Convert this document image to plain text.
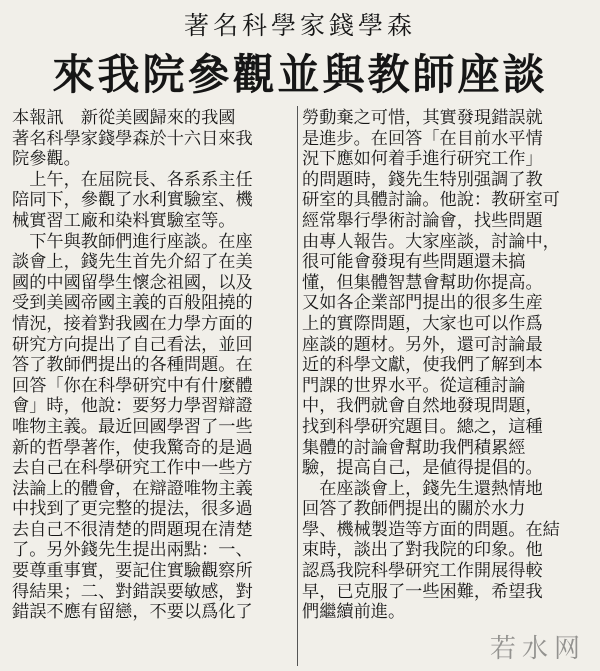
著名科學家錢學森
來我院參觀並與教師座談
本報訊　新從美國歸來的我國
著名科學家錢學森於十六日來我
院參觀。
　上午，在屈院長、各系系主任
陪同下，參觀了水利實驗室、機
械實習工廠和染料實驗室等。
　下午與教師們進行座談。在座
談會上，錢先生首先介紹了在美
國的中國留學生懷念祖國，以及
受到美國帝國主義的百般阻撓的
情況，接着對我國在力學方面的
研究方向提出了自己看法，並回
答了教師們提出的各種問題。在
回答「你在科學研究中有什麼體
會」時，他說：要努力學習辯證
唯物主義。最近回國學習了一些
新的哲學著作，使我驚奇的是過
去自己在科學研究工作中一些方
法論上的體會，在辯證唯物主義
中找到了更完整的提法，很多過
去自己不很清楚的問題現在清楚
了。另外錢先生提出兩點：一、
要尊重事實，要記住實驗觀察所
得結果；二、對錯誤要敏感，對
錯誤不應有留戀，不要以爲化了
勞動棄之可惜，其實發現錯誤就
是進步。在回答「在目前水平情
況下應如何着手進行研究工作」
的問題時，錢先生特別强調了教
研室的具體討論。他說：教研室可
經常舉行學術討論會，找些問題
由專人報告。大家座談，討論中，
很可能會發現有些問題還未搞
懂，但集體智慧會幫助你提高。
又如各企業部門提出的很多生産
上的實際問題，大家也可以作爲
座談的題材。另外，還可討論最
近的科學文獻，使我們了解到本
門課的世界水平。從這種討論
中，我們就會自然地發現問題，
找到科學研究題目。總之，這種
集體的討論會幫助我們積累經
驗，提高自己，是値得提倡的。
　在座談會上，錢先生還熱情地
回答了教師們提出的關於水力
學、機械製造等方面的問題。在結
束時，談出了對我院的印象。他
認爲我院科學研究工作開展得較
早，已克服了一些困難，希望我
們繼續前進。
若水网
